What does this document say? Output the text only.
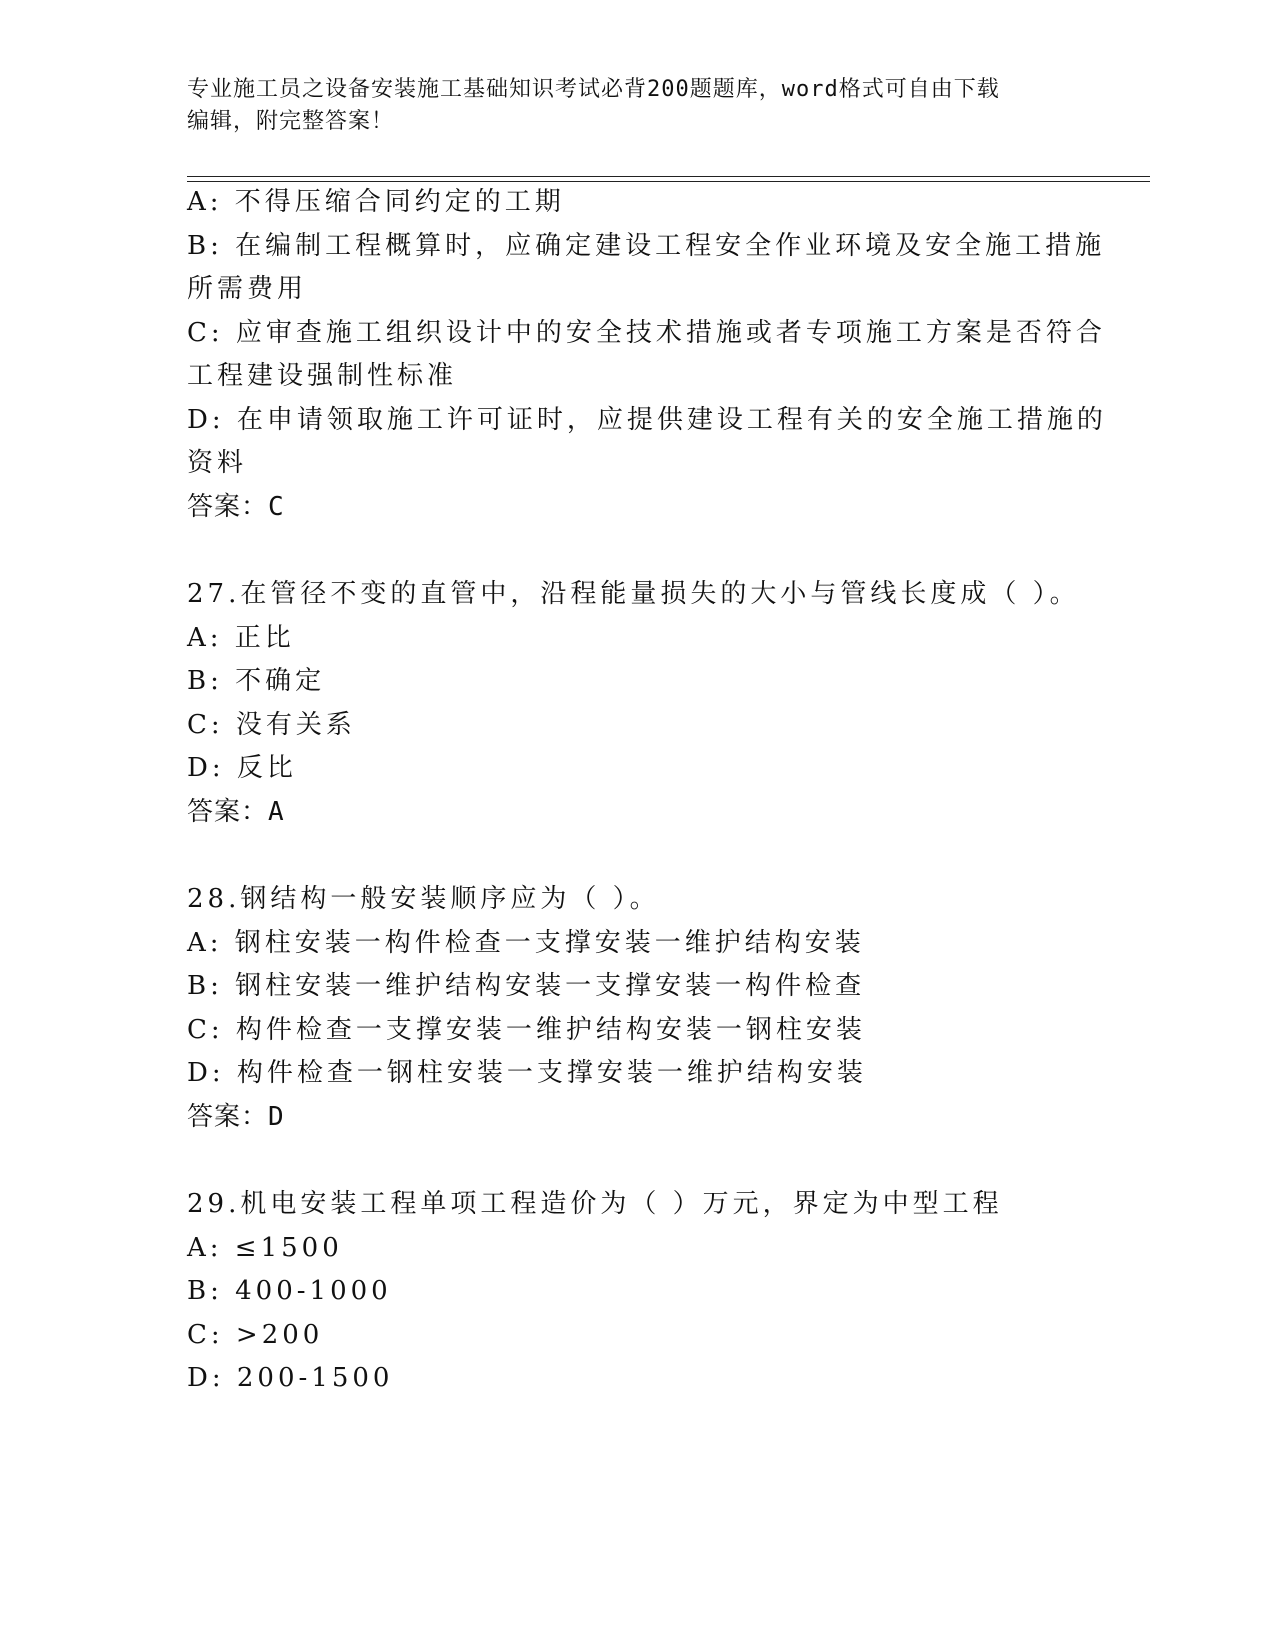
专业施工员之设备安装施工基础知识考试必背200题题库，word格式可自由下载
编辑，附完整答案！
A: 不得压缩合同约定的工期
B: 在编制工程概算时，应确定建设工程安全作业环境及安全施工措施
所需费用
C: 应审查施工组织设计中的安全技术措施或者专项施工方案是否符合
工程建设强制性标准
D: 在申请领取施工许可证时，应提供建设工程有关的安全施工措施的
资料
答案：C
27.在管径不变的直管中，沿程能量损失的大小与管线长度成（ ）。
A: 正比
B: 不确定
C: 没有关系
D: 反比
答案：A
28.钢结构一般安装顺序应为（ ）。
A: 钢柱安装一构件检查一支撑安装一维护结构安装
B: 钢柱安装一维护结构安装一支撑安装一构件检查
C: 构件检查一支撑安装一维护结构安装一钢柱安装
D: 构件检查一钢柱安装一支撑安装一维护结构安装
答案：D
29.机电安装工程单项工程造价为（ ）万元，界定为中型工程
A: ≤1500
B: 400-1000
C: >200
D: 200-1500
